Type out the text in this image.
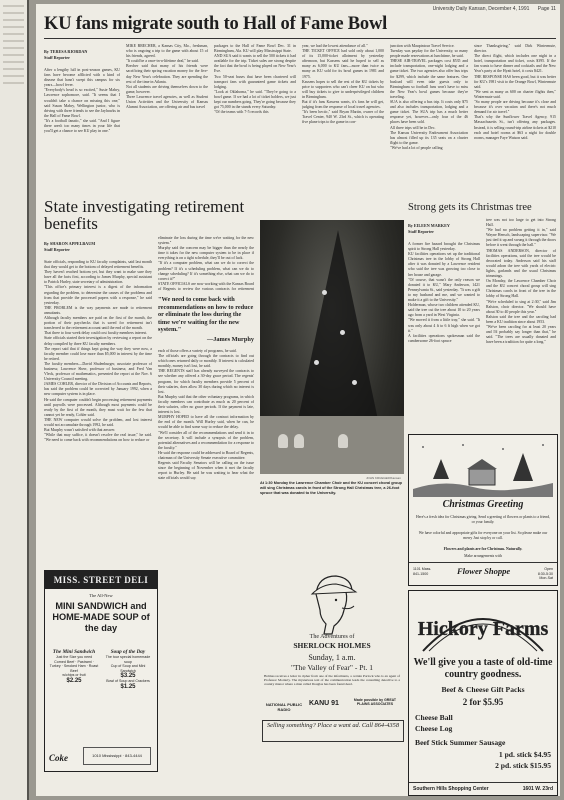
University Daily Kansan, December 4, 1991 Page 11
KU fans migrate south to Hall of Fame Bowl

By TERESA RIORDAN
Staff Reporter

After a lengthy lull in post-season games, KU fans have become afflicted with a kind of disease that hasn't swept this campus for six years—bowl fever.
"Everybody's head is so excited," Susie Mabry, Lawrence sophomore, said. "It seems that I wouldn't take a chance on missing this one," said Susan Mabry, Wellington junior, who is driving with three friends to see the Jayhawks in the Hall of Fame Bowl.
"It's a football fanatic," she said. "And I figure there aren't too many times in your life that you'll get a chance to see KU play in one."

MIKE BRECHER, a Kansas City, Mo., freshman, who is ongoing a trip to the game with about 15 of his friends, agreed.
"It could be a once-in-a-lifetime deal," he said.
Brecher said that many of his friends were sacrificing their spring vacation money for the five-day New Year's celebration. They are spending the rest of the time in Atlanta.
Not all students are driving themselves down to the game, however.
Three Lawrence travel agencies, as well as Student Union Activities and the University of Kansas Alumni Association, are offering air and bus travel
packages to the Hall of Fame Bowl Dec. 31 in Birmingham, Ala. KU will play Mississippi State.
AND SUA said it wants to sell the 500 tickets it had available for the trip. Ticket sales are strong despite the fact that the bowl is being played on New Year's Eve.
Two 50-seat buses that have been chartered will transport fans with guaranteed game tickets and lodging.
"Look at Oklahoma," he said. "They're going to a bowl game. If we had a lot of ticket holders, we just kept our numbers going. They're going because they got 75,000 in the stands every Saturday.
"Of the teams with 7-5 records this
year, we had the lowest attendance of all."
THE TICKET OFFICE had sold only about 1,000 of its 15,000-ticket allotment by yesterday afternoon, but Kassens said he hoped to sell as many as 6,000 to KU fans—more than twice as many as KU sold for its bowl games in 1981 and 1975.
Kassens hopes to sell the rest of the KU tickets by price to supporters who can't cheer KU on but who will buy tickets to give to underprivileged children in Birmingham.
But if it's fans Kassens wants, it's fans he will get, judging from the response of local travel agencies.
"It's been hectic," said Bryan Martin, owner of the Travel Center, 940 W. 23rd St., which is operating five plane trips to the game in con-
junction with Maupintour Travel Service.
Tuesday was payday for the University, so many people made reservations at lunchtime, he said.
THESE AIR-TRAVEL packages cost $535 and include transportation, one-night lodging and a game ticket. The two agencies also offer bus trips for $299, which include the same features. One busload will even take guests only to Birmingham so football fans won't have to miss the New Year's bowl games because they're traveling.
SUA is also offering a bus trip. It costs only $75 and also includes transportation, lodging and a game ticket. The SUA trip has a much better response yet, however—only four of the 46 places have been sold.
All three trips will be in Dec.
The Kansas University Endowment Association has almost filled up its 135 seats on a charter flight to the game.
"We've had a lot of people calling
since Thanksgiving," said Dirk Wintermute, director.
The direct flight, which includes one night in a hotel, transportation and ticket, costs $395. If the fan wants to have dinner and cocktails and the New Year's party at the Hyatt hotel, it costs $421.
THE RESPONSE HAS been good, but it was better for KU's 1981 visit to the Orange Bowl, Wintermute said.
"We sent as many as 600 on charter flights then," Wintermute said.
"So many people are driving because it's close and because it's over vacation and there's not much demand for air travel."
That's why the Sunflower Travel Agency, 915 Massachusetts St., isn't offering any packages. Instead, it is selling round-trip airline tickets at $210 each and hotel rooms at $63 a night for double rooms, manager Faye Watson said.
State investigating retirement benefits

By SHARON APPELBAUM
Staff Reporter

State officials, responding to KU faculty complaints, said last month that they would get to the bottom of delayed retirement benefits.
They haven't reached bottom yet, but they want to make sure they have all the facts first, according to James Murphy, special assistant to Patrick Hurley, state secretary of administration.
"This office's primary interest is a digest of the information regarding the problem, to determine the causes of the problems and from that provide the processed papers with a response," he said yesterday.
THE PROBLEM is the way payments are made to retirement annuitants.
Although faculty members are paid on the first of the month, the portion of their paychecks that is saved for retirement isn't transferred to the retirement account until the end of the month.
That three to four week delay could cost faculty members interest.
State officials started their investigation by reviewing a report on the delay compiled by three KU faculty members.
The report said that if things kept going the way they were now, a faculty member could lose more than $5,000 in interest by the time he retired.
The faculty members—David Shulenburger, associate professor of business; Lawrence Sherr, professor of business; and Fred Van Vleck, professor of mathematics, presented the report at the Nov. 6 University Council meeting.
JAMES COHLER, director of the Division of Accounts and Reports, has said the problem could be corrected by January 1992, when a new computer system is in place.
He said the computer couldn't begin processing retirement payments until payrolls were processed. Although most payments could be ready by the first of the month, they must wait for the few that cannot yet be ready, Cohler said.
THE NEW computer would solve the problem, and lost interest would not accumulate through 1992, he said.
But Murphy wasn't satisfied with that answer.
"While that may suffice, it doesn't resolve the real issue," he said. "We need to come back with recommendations on how to reduce or

eliminate the loss during the time we're waiting for the new system."
Murphy said the concern may be bigger than the nearly the time it takes for the new computer system to be in place if everything is on a tight schedule, they'll be out of luck.
"If it's a computer problem, what can we do to correct the problem? If it's a scheduling problem, what can we do to change scheduling? If it's something else, what can we do to correct it?"
STATE OFFICIALS are now working with the Kansas Board of Regents to review the various contracts for retirement

"We need to come back with recommendations on how to reduce or eliminate the loss during the time we're waiting for the new system."
—James Murphy
each of those offers a variety of programs, he said.
The officials are going through the contracts to find out which ones returned daily or monthly. If interest is calculated monthly, money isn't lost, he said.
THE REGENTS staff has already surveyed the contracts to see whether any offered a 30-day grace period. The regents' program, for which faculty members provide 5 percent of their salaries, does allow 30 days during which no interest is lost.
But Murphy said that the other voluntary programs, in which faculty members can contribute as much as 20 percent of their salaries, offer no grace periods. If the payment is late, interest is lost.
MURPHY HOPED to have all the contract information by the end of the month. Will Hurley said, when he can, he would be able to find some way to reduce the delay.
"We'll consider all of the recommendations and send it in to the secretary. It will include a synopsis of the problem, potential alternatives and a recommendation for a response to the faculty."
He said the response could be addressed to Board of Regents, chairman of the University Senate executive committee.
Regents said Faculty Senators will be calling on the issue since the beginning of November when it met the faculty report to Hurley. He said he was waiting to hear what the state officials would say.	JOHN KRUEGER/Kansan
At 1:30 Monday the Lawrence Chamber Choir and the KU concert choral group will sing Christmas carols in front of the Strong Hall Christmas tree, a 26-foot spruce that was donated to the University.
Strong gets its Christmas tree

By EILEEN MARKEY
Staff Reporter

A former fire hazard brought the Christmas spirit to Strong Hall yesterday.
KU facilities operations set up the traditional Christmas tree in the lobby of Strong Hall after it was donated by a Lawrence resident who said the tree was growing too close to her house and garage.
"Of course, that wasn't the only reason we donated it to KU," Mary Anderson, 1421 Pennsylvania St., said yesterday. "It was a gift to my husband and me, and we wanted to make it a gift to the University."
Holderman, whose two children attended KU, said the tree cut the tree about 10 to 20 years ago from a yard in West Virginia.
"We moved it from a little tray," she said. "It was only about 4 ft to 6 ft high when we got it."
A facilities operations spokesman said the cumbersome 26-foot spruce

tree was not too large to get into Strong Hall.
"We had no problem getting it in," said Wayne Hensch, landscaping supervisor. "We just tied it up and swung it through the doors before it went through the hall."
THOMAS ANDERSON, director of facilities operations, said the tree would be decorated today. Anderson said his staff would adorn the tree with yards of electric lights, garlands and the usual Christmas trimmings.
On Monday, the Lawrence Chamber Choir and the KU concert choral group will sing Christmas carols in front of the tree in the lobby of Strong Hall.
"We're scheduled to sing at 2:30," said Jim Ralston, choir director. "We should have about 30 to 40 people this year."
Ralston said the tree and the caroling had been a KU tradition since about 1953.
"We've been caroling for at least 20 years and I'd probably say longer than that," he said. "The trees are usually donated and have been a tradition for quite a long."
MISS. STREET DELI
The All-New
MINI SANDWICH and HOME-MADE SOUP of the day
The Mini Sandwich
Just the Size you need
Corned Beef · Pastrami · Turkey · Smoked Ham · Roast Beef
w/chips or fruit
$2.25
Soup of the Day
The tour special homemade soup
Cup of Soup and Mini Sandwich
$3.25
Bowl of Soup and Crackers
$1.25
Coke	1010 Mississippi · 843-4444
The Adventures of
SHERLOCK HOLMES
Sunday, 1 a.m.
"The Valley of Fear" - Pt. 1
Holmes receives a letter in cipher from one of the informants, a certain Porlock who is an agent of Professor Moriarty. The mysterious text of the communication leads the consulting detective to a country manor where a man called Douglas has been found dead.
NATIONAL PUBLIC RADIO
KANU 91	Made possible by GREAT PLAINS ASSOCIATES
Selling something? Place a want ad. Call 864-4358
Christmas Greeting
Here's a fresh idea for Christmas giving. Send a greeting of flowers or plants to a friend, or your family.
We have colorful and appropriate gifts for everyone on your list. So please make our merry Just stop by or call.
Flowers and plants are for Christmas. Naturally.
Make arrangements with
1101 Mass.
841-1500	Flower Shoppe	Open
8:30-5:30
Mon-Sat
Hickory Farms
We'll give you a taste of old-time country goodness.
Beef & Cheese Gift Packs
2 for $5.95
Cheese Ball
Cheese Log
Beef Stick Summer Sausage
1 pd. stick $4.95
2 pd. stick $15.95
Southern Hills Shopping Center	1601 W. 23rd
